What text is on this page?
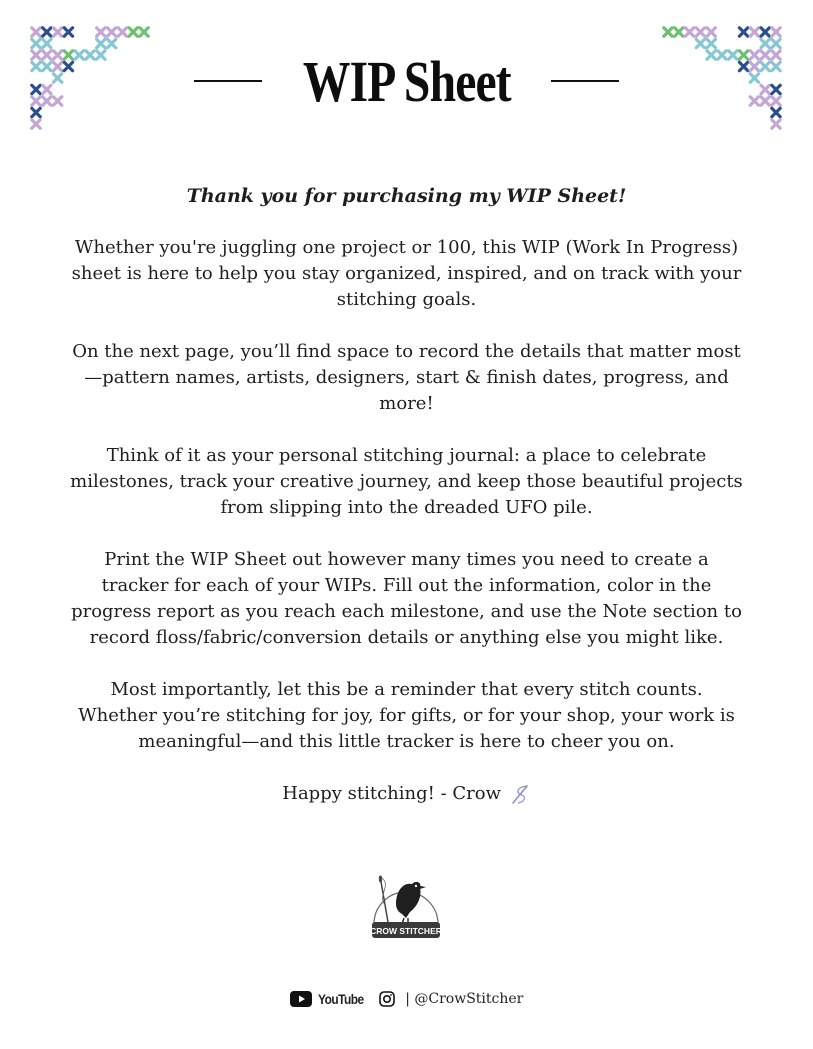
WIP Sheet

Thank you for purchasing my WIP Sheet!

Whether you're juggling one project or 100, this WIP (Work In Progress) sheet is here to help you stay organized, inspired, and on track with your stitching goals.

On the next page, you’ll find space to record the details that matter most—pattern names, artists, designers, start & finish dates, progress, and more!

Think of it as your personal stitching journal: a place to celebrate milestones, track your creative journey, and keep those beautiful projects from slipping into the dreaded UFO pile.

Print the WIP Sheet out however many times you need to create a tracker for each of your WIPs. Fill out the information, color in the progress report as you reach each milestone, and use the Note section to record floss/fabric/conversion details or anything else you might like.

Most importantly, let this be a reminder that every stitch counts. Whether you’re stitching for joy, for gifts, or for your shop, your work is meaningful—and this little tracker is here to cheer you on.

Happy stitching! - Crow

CROW STITCHER
YouTube	| @CrowStitcher
